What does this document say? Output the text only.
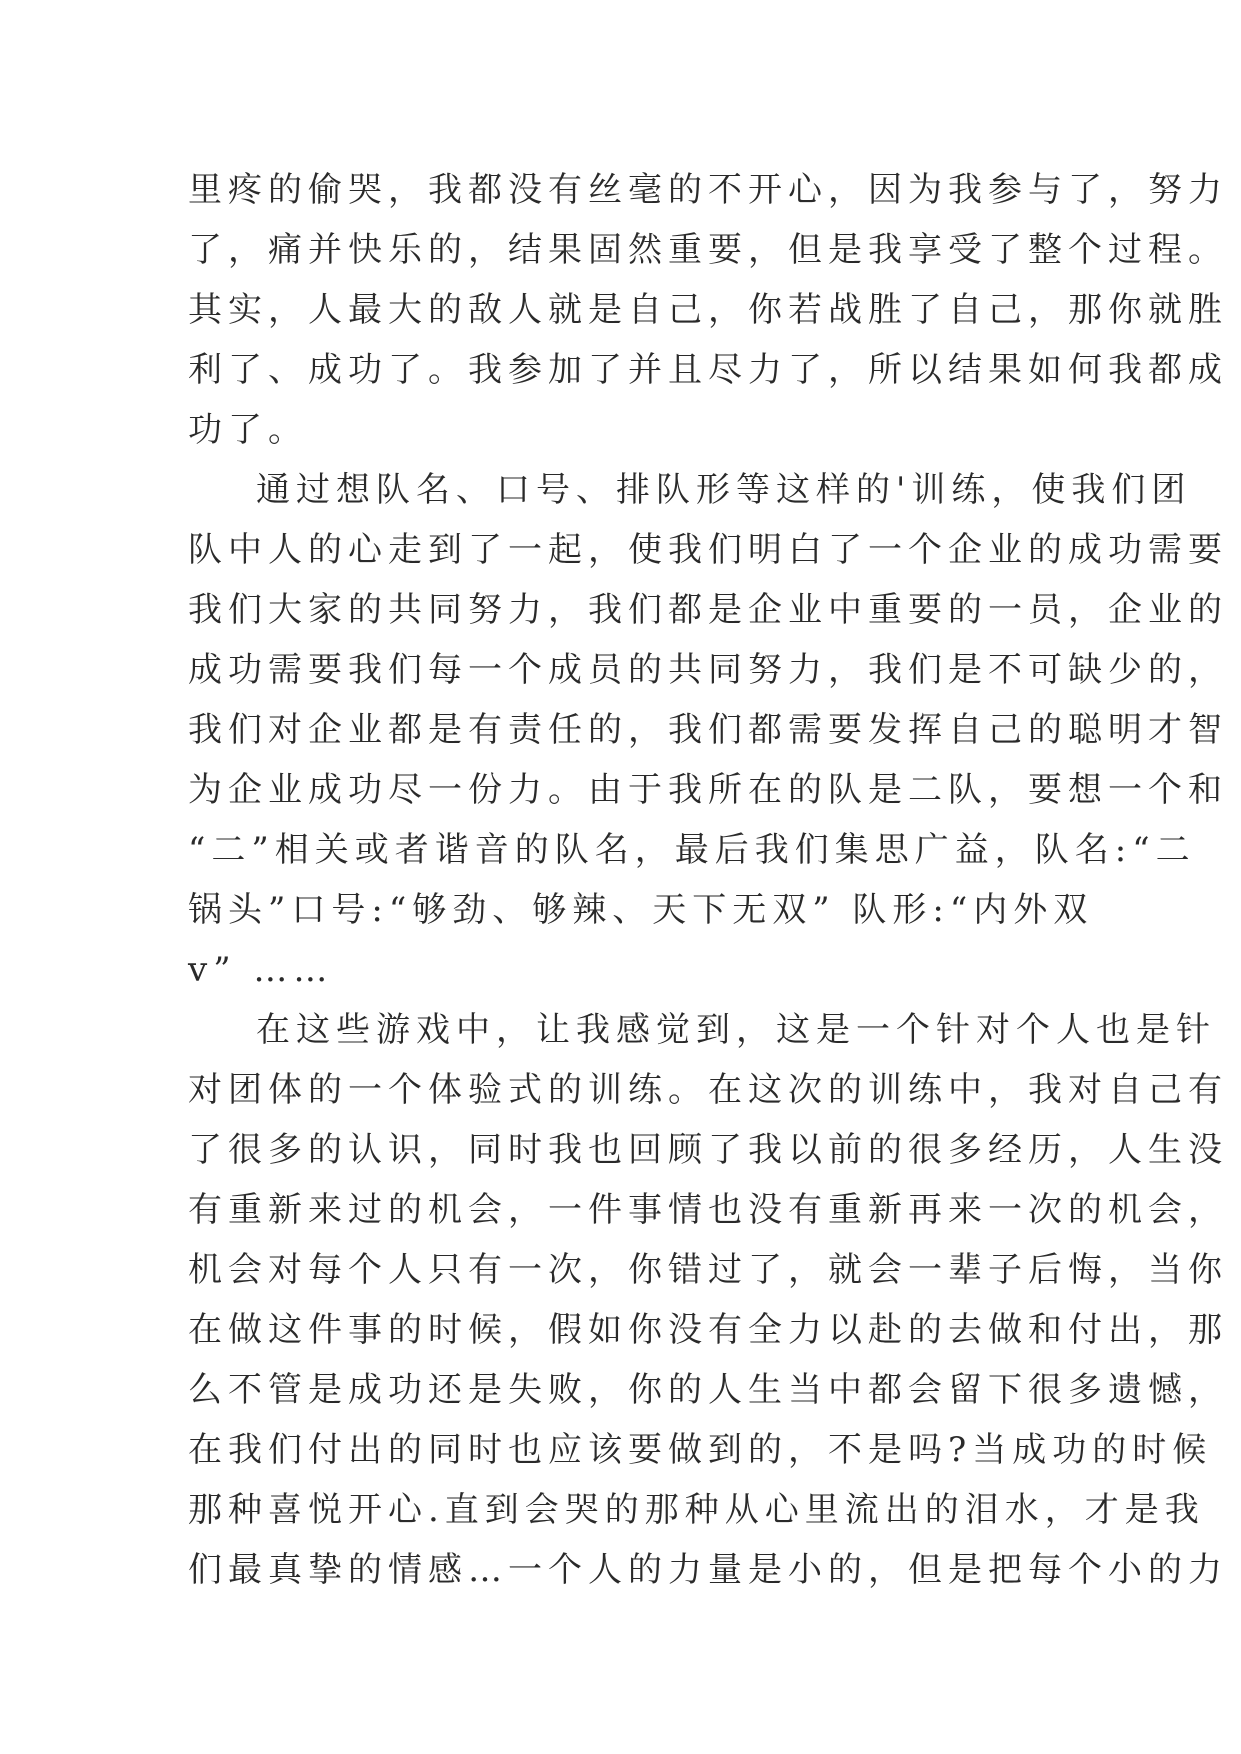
里疼的偷哭，我都没有丝毫的不开心，因为我参与了，努力
了，痛并快乐的，结果固然重要，但是我享受了整个过程。
其实，人最大的敌人就是自己，你若战胜了自己，那你就胜
利了、成功了。我参加了并且尽力了，所以结果如何我都成
功了。
通过想队名、口号、排队形等这样的'训练，使我们团
队中人的心走到了一起，使我们明白了一个企业的成功需要
我们大家的共同努力，我们都是企业中重要的一员，企业的
成功需要我们每一个成员的共同努力，我们是不可缺少的，
我们对企业都是有责任的，我们都需要发挥自己的聪明才智
为企业成功尽一份力。由于我所在的队是二队，要想一个和
“二”相关或者谐音的队名，最后我们集思广益，队名:“二
锅头”口号:“够劲、够辣、天下无双” 队形:“内外双
v” ……
在这些游戏中，让我感觉到，这是一个针对个人也是针
对团体的一个体验式的训练。在这次的训练中，我对自己有
了很多的认识，同时我也回顾了我以前的很多经历，人生没
有重新来过的机会，一件事情也没有重新再来一次的机会，
机会对每个人只有一次，你错过了，就会一辈子后悔，当你
在做这件事的时候，假如你没有全力以赴的去做和付出，那
么不管是成功还是失败，你的人生当中都会留下很多遗憾，
在我们付出的同时也应该要做到的，不是吗?当成功的时候
那种喜悦开心.直到会哭的那种从心里流出的泪水，才是我
们最真挚的情感…一个人的力量是小的，但是把每个小的力
